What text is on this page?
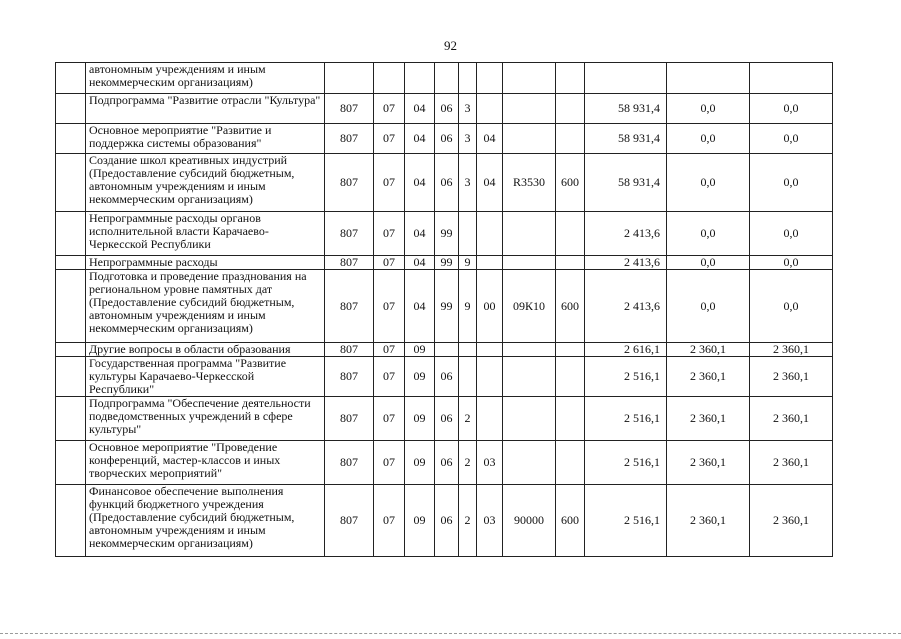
92
	автономным учреждениям и иным некоммерческим организациям)											
	Подпрограмма "Развитие отрасли "Культура"	807	07	04	06	3				58 931,4	0,0	0,0
	Основное мероприятие "Развитие и поддержка системы образования"	807	07	04	06	3	04			58 931,4	0,0	0,0
	Создание школ креативных индустрий (Предоставление субсидий бюджетным, автономным учреждениям и иным некоммерческим организациям)	807	07	04	06	3	04	R3530	600	58 931,4	0,0	0,0
	Непрограммные расходы органов исполнительной власти Карачаево-Черкесской Республики	807	07	04	99					2 413,6	0,0	0,0
	Непрограммные расходы	807	07	04	99	9				2 413,6	0,0	0,0
	Подготовка и проведение празднования на региональном уровне памятных дат (Предоставление субсидий бюджетным, автономным учреждениям и иным некоммерческим организациям)	807	07	04	99	9	00	09К10	600	2 413,6	0,0	0,0
	Другие вопросы в области образования	807	07	09						2 616,1	2 360,1	2 360,1
	Государственная программа "Развитие культуры Карачаево-Черкесской Республики"	807	07	09	06					2 516,1	2 360,1	2 360,1
	Подпрограмма "Обеспечение деятельности подведомственных учреждений в сфере культуры"	807	07	09	06	2				2 516,1	2 360,1	2 360,1
	Основное мероприятие "Проведение конференций, мастер-классов и иных творческих мероприятий"	807	07	09	06	2	03			2 516,1	2 360,1	2 360,1
	Финансовое обеспечение выполнения функций бюджетного учреждения (Предоставление субсидий бюджетным, автономным учреждениям и иным некоммерческим организациям)	807	07	09	06	2	03	90000	600	2 516,1	2 360,1	2 360,1
